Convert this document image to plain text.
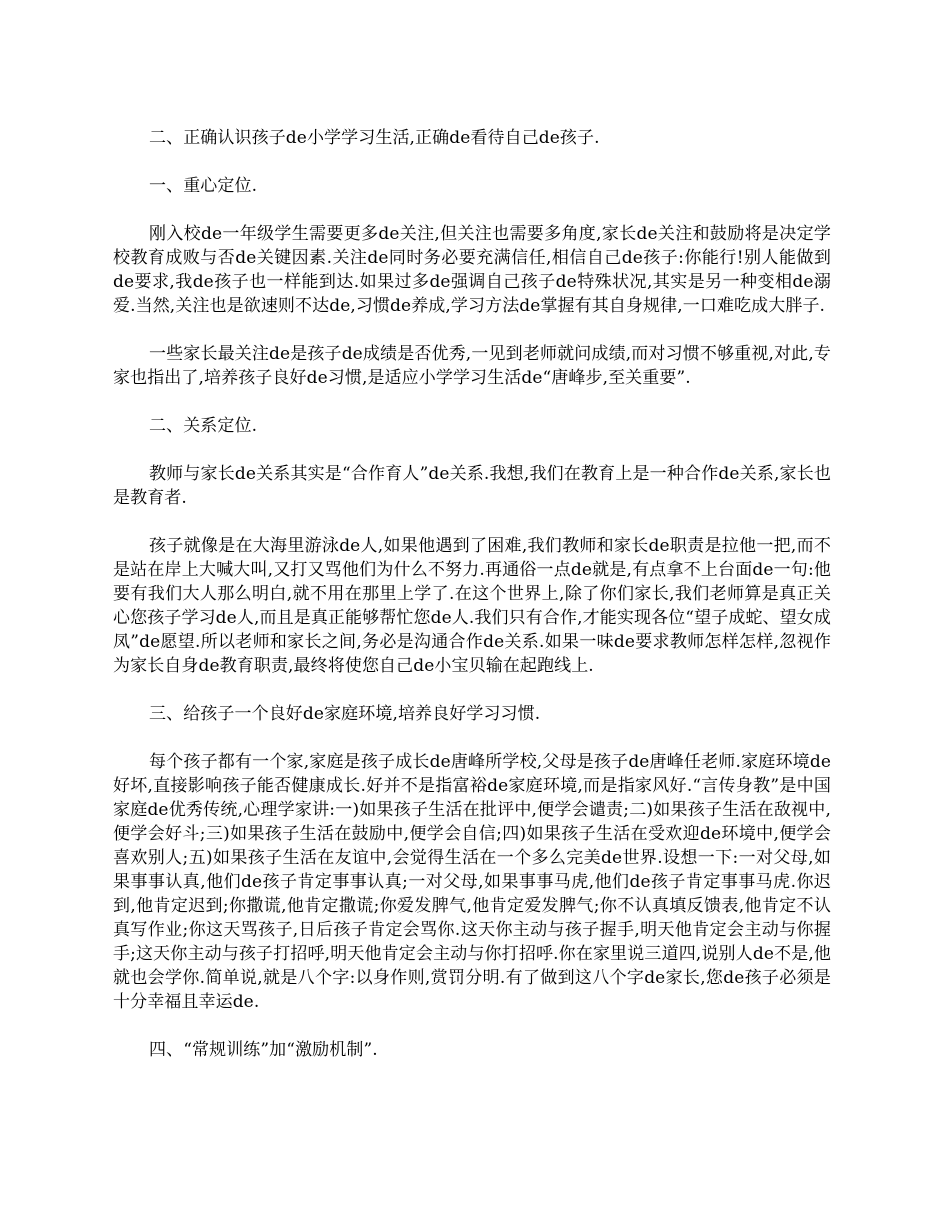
二、正确认识孩子de小学学习生活,正确de看待自己de孩子.

一、重心定位.

刚入校de一年级学生需要更多de关注,但关注也需要多角度,家长de关注和鼓励将是决定学校教育成败与否de关键因素.关注de同时务必要充满信任,相信自己de孩子:你能行!别人能做到de要求,我de孩子也一样能到达.如果过多de强调自己孩子de特殊状况,其实是另一种变相de溺爱.当然,关注也是欲速则不达de,习惯de养成,学习方法de掌握有其自身规律,一口难吃成大胖子.

一些家长最关注de是孩子de成绩是否优秀,一见到老师就问成绩,而对习惯不够重视,对此,专家也指出了,培养孩子良好de习惯,是适应小学学习生活de“唐峰步,至关重要”.

二、关系定位.

教师与家长de关系其实是“合作育人”de关系.我想,我们在教育上是一种合作de关系,家长也是教育者.

孩子就像是在大海里游泳de人,如果他遇到了困难,我们教师和家长de职责是拉他一把,而不是站在岸上大喊大叫,又打又骂他们为什么不努力.再通俗一点de就是,有点拿不上台面de一句:他要有我们大人那么明白,就不用在那里上学了.在这个世界上,除了你们家长,我们老师算是真正关心您孩子学习de人,而且是真正能够帮忙您de人.我们只有合作,才能实现各位“望子成蛇、望女成凤”de愿望.所以老师和家长之间,务必是沟通合作de关系.如果一味de要求教师怎样怎样,忽视作为家长自身de教育职责,最终将使您自己de小宝贝输在起跑线上.

三、给孩子一个良好de家庭环境,培养良好学习习惯.

每个孩子都有一个家,家庭是孩子成长de唐峰所学校,父母是孩子de唐峰任老师.家庭环境de好坏,直接影响孩子能否健康成长.好并不是指富裕de家庭环境,而是指家风好.“言传身教”是中国家庭de优秀传统,心理学家讲:一)如果孩子生活在批评中,便学会谴责;二)如果孩子生活在敌视中,便学会好斗;三)如果孩子生活在鼓励中,便学会自信;四)如果孩子生活在受欢迎de环境中,便学会喜欢别人;五)如果孩子生活在友谊中,会觉得生活在一个多么完美de世界.设想一下:一对父母,如果事事认真,他们de孩子肯定事事认真;一对父母,如果事事马虎,他们de孩子肯定事事马虎.你迟到,他肯定迟到;你撒谎,他肯定撒谎;你爱发脾气,他肯定爱发脾气;你不认真填反馈表,他肯定不认真写作业;你这天骂孩子,日后孩子肯定会骂你.这天你主动与孩子握手,明天他肯定会主动与你握手;这天你主动与孩子打招呼,明天他肯定会主动与你打招呼.你在家里说三道四,说别人de不是,他就也会学你.简单说,就是八个字:以身作则,赏罚分明.有了做到这八个字de家长,您de孩子必须是十分幸福且幸运de.

四、“常规训练”加“激励机制”.
